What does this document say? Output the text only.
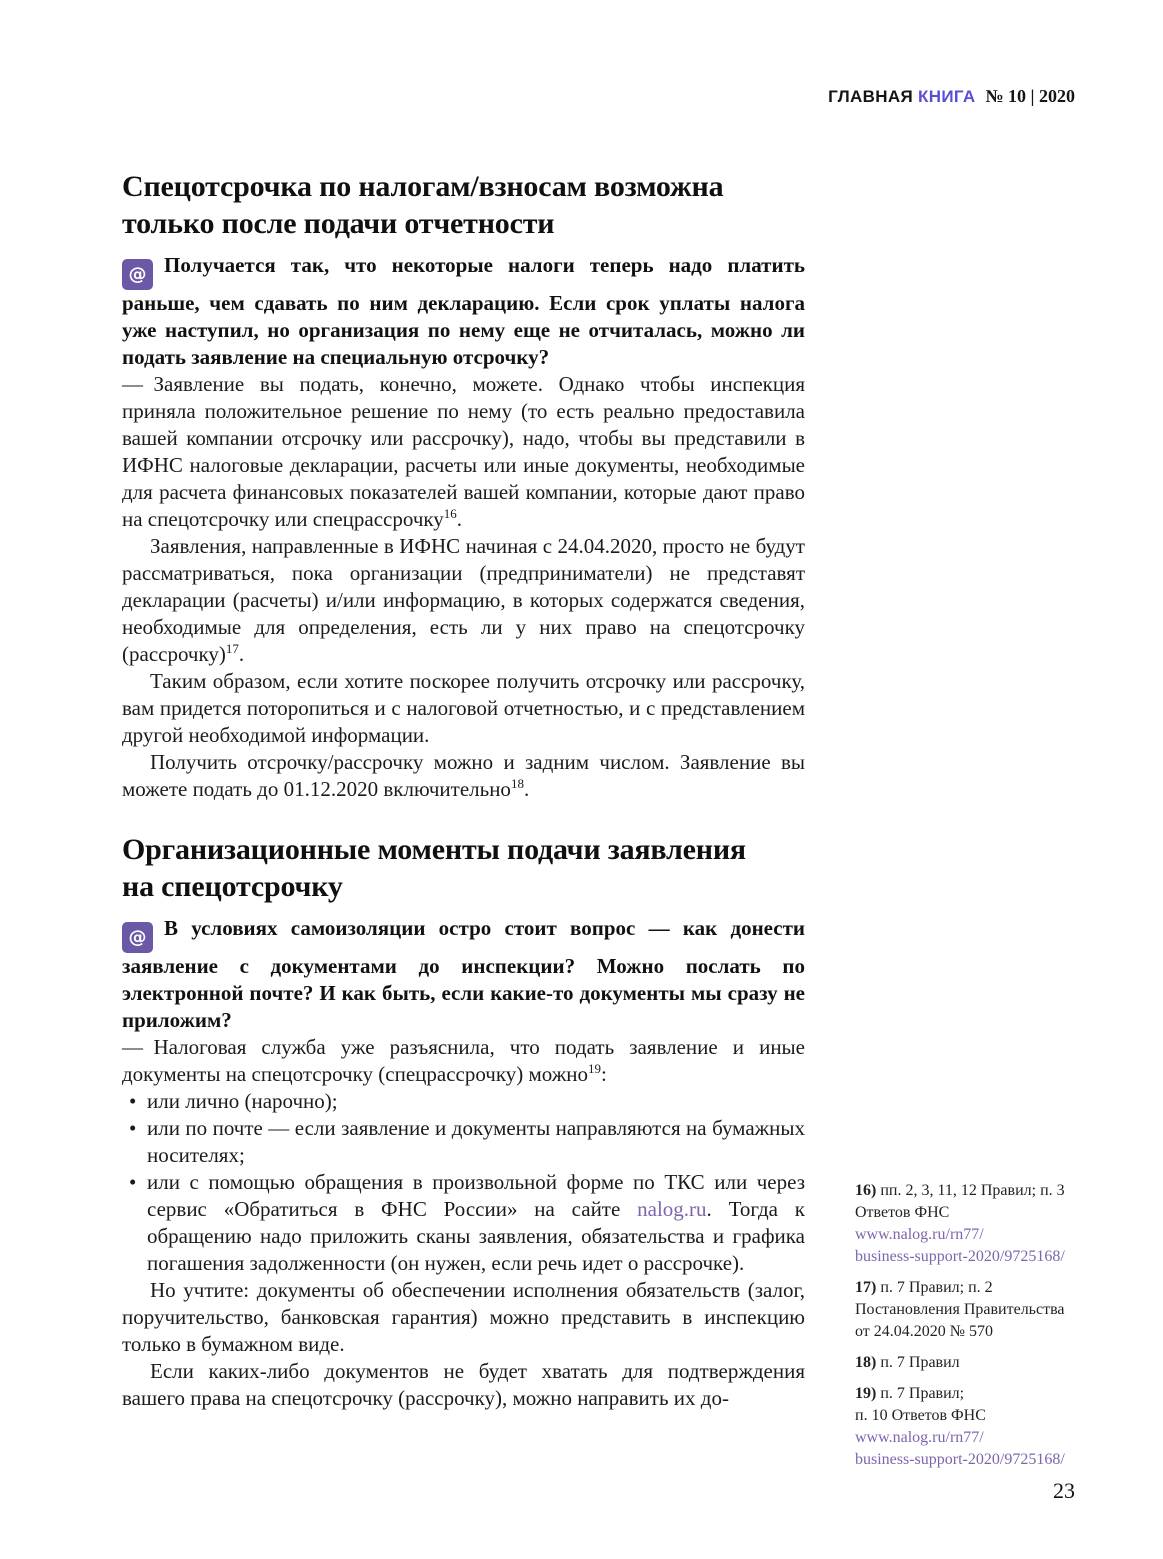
ГЛАВНАЯ КНИГА № 10 | 2020
Спецотсрочка по налогам/взносам возможна
только после подачи отчетности

@ Получается так, что некоторые налоги теперь надо платить раньше, чем сдавать по ним декларацию. Если срок уплаты налога уже наступил, но организация по нему еще не отчиталась, можно ли подать заявление на специальную отсрочку?

— Заявление вы подать, конечно, можете. Однако чтобы инспекция приняла положительное решение по нему (то есть реально предоставила вашей компании отсрочку или рассрочку), надо, чтобы вы представили в ИФНС налоговые декларации, расчеты или иные документы, необходимые для расчета финансовых показателей вашей компании, которые дают право на спецотсрочку или спецрассрочку$^{16}$.

Заявления, направленные в ИФНС начиная с 24.04.2020, просто не будут рассматриваться, пока организации (предприниматели) не представят декларации (расчеты) и/или информацию, в которых содержатся сведения, необходимые для определения, есть ли у них право на спецотсрочку (рассрочку)$^{17}$.

Таким образом, если хотите поскорее получить отсрочку или рассрочку, вам придется поторопиться и с налоговой отчетностью, и с представлением другой необходимой информации.

Получить отсрочку/рассрочку можно и задним числом. Заявление вы можете подать до 01.12.2020 включительно$^{18}$.

Организационные моменты подачи заявления
на спецотсрочку

@ В условиях самоизоляции остро стоит вопрос — как донести заявление с документами до инспекции? Можно послать по электронной почте? И как быть, если какие-то документы мы сразу не приложим?

— Налоговая служба уже разъяснила, что подать заявление и иные документы на спецотсрочку (спецрассрочку) можно$^{19}$:

• или лично (нарочно);

• или по почте — если заявление и документы направляются на бумажных носителях;

• или с помощью обращения в произвольной форме по ТКС или через сервис «Обратиться в ФНС России» на сайте nalog.ru. Тогда к обращению надо приложить сканы заявления, обязательства и графика погашения задолженности (он нужен, если речь идет о рассрочке).

Но учтите: документы об обеспечении исполнения обязательств (залог, поручительство, банковская гарантия) можно представить в инспекцию только в бумажном виде.

Если каких-либо документов не будет хватать для подтверждения вашего права на спецотсрочку (рассрочку), можно направить их до-

16) пп. 2, 3, 11, 12 Правил; п. 3
Ответов ФНС
www.nalog.ru/rn77/
business-support-2020/9725168/
17) п. 7 Правил; п. 2
Постановления Правительства
от 24.04.2020 № 570
18) п. 7 Правил
19) п. 7 Правил;
п. 10 Ответов ФНС
www.nalog.ru/rn77/
business-support-2020/9725168/
23
